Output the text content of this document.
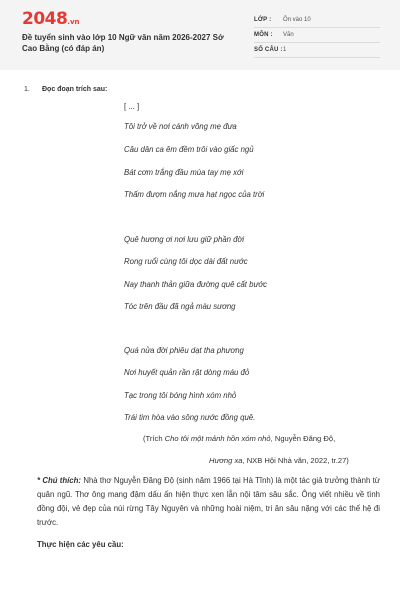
2048.vn
Đề tuyển sinh vào lớp 10 Ngữ văn năm 2026-2027 Sở Cao Bằng (có đáp án)
LỚP : Ôn vào 10
MÔN : Văn
SỐ CÂU : 1
1. Đọc đoạn trích sau:
[ ... ]
Tôi trở về nơi cánh võng mẹ đưa
Câu dân ca êm đềm trôi vào giấc ngủ
Bát cơm trắng đầu mùa tay mẹ xới
Thấm đượm nắng mưa hạt ngọc của trời
Quê hương ơi nơi lưu giữ phần đời
Rong ruổi cùng tôi dọc dài đất nước
Nay thanh thản giữa đường quê cất bước
Tóc trên đầu đã ngả màu sương
Quá nửa đời phiêu dạt tha phương
Nơi huyết quản rần rật dòng máu đỏ
Tạc trong tôi bóng hình xóm nhỏ
Trái tim hòa vào sông nước đồng quê.
(Trích Cho tôi một mảnh hồn xóm nhỏ, Nguyễn Đăng Độ,
Hương xa, NXB Hội Nhà văn, 2022, tr.27)
* Chú thích: Nhà thơ Nguyễn Đăng Độ (sinh năm 1966 tại Hà Tĩnh) là một tác giả trưởng thành từ quân ngũ. Thơ ông mang đậm dấu ấn hiện thực xen lẫn nội tâm sâu sắc. Ông viết nhiều về tình đồng đội, vẻ đẹp của núi rừng Tây Nguyên và những hoài niệm, tri ân sâu nặng với các thế hệ đi trước.
Thực hiện các yêu cầu:
